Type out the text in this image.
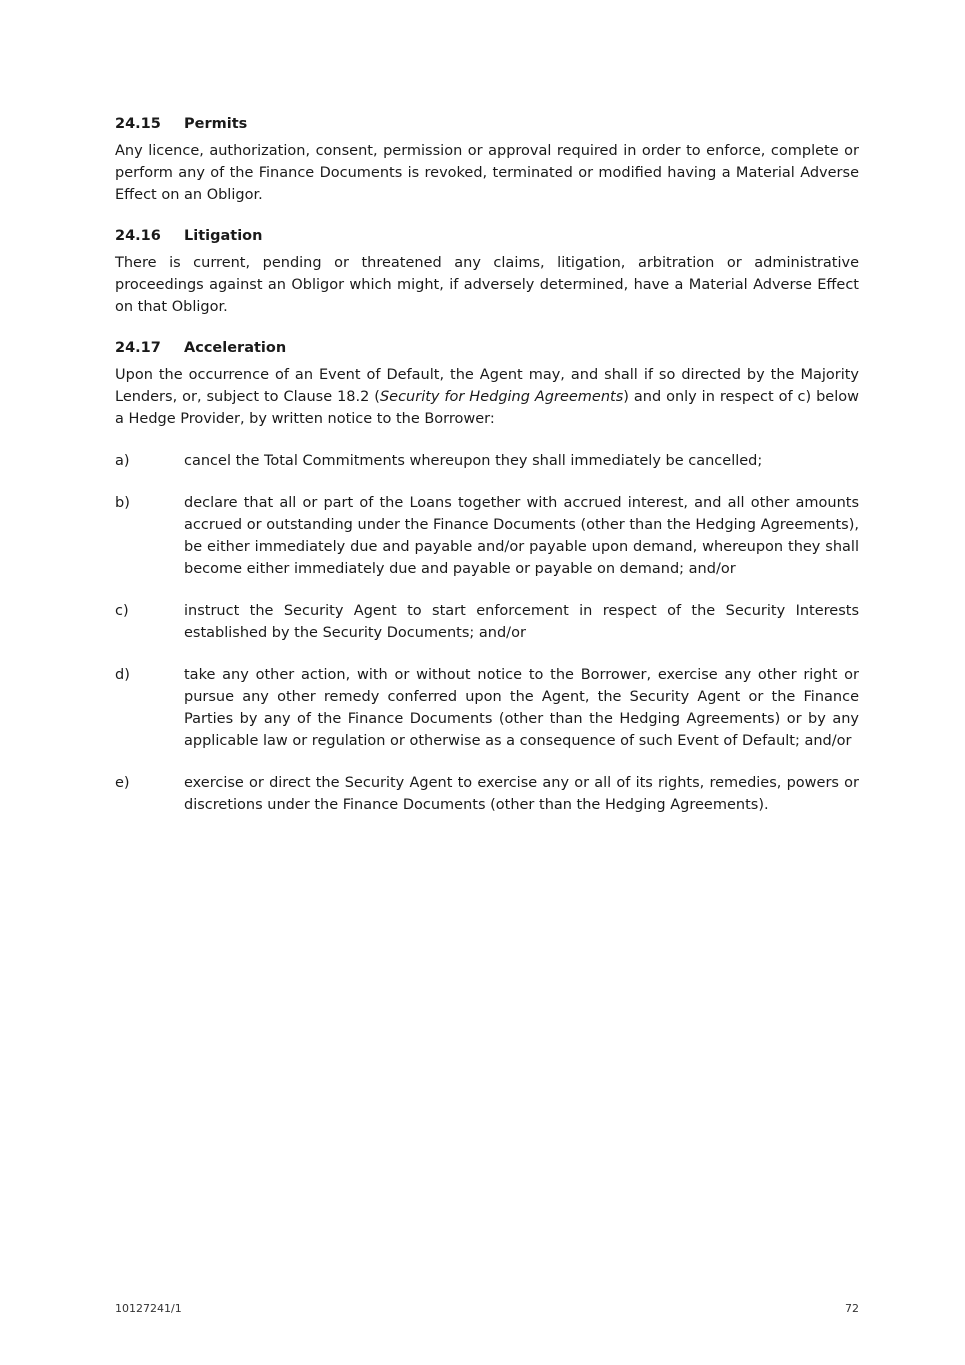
24.15	Permits

Any licence, authorization, consent, permission or approval required in order to enforce, complete or perform any of the Finance Documents is revoked, terminated or modified having a Material Adverse Effect on an Obligor.

24.16	Litigation

There is current, pending or threatened any claims, litigation, arbitration or administrative proceedings against an Obligor which might, if adversely determined, have a Material Adverse Effect on that Obligor.

24.17	Acceleration

Upon the occurrence of an Event of Default, the Agent may, and shall if so directed by the Majority Lenders, or, subject to Clause 18.2 (Security for Hedging Agreements) and only in respect of c) below a Hedge Provider, by written notice to the Borrower:

a)	cancel the Total Commitments whereupon they shall immediately be cancelled;
b)	declare that all or part of the Loans together with accrued interest, and all other amounts accrued or outstanding under the Finance Documents (other than the Hedging Agreements), be either immediately due and payable and/or payable upon demand, whereupon they shall become either immediately due and payable or payable on demand; and/or
c)	instruct the Security Agent to start enforcement in respect of the Security Interests established by the Security Documents; and/or
d)	take any other action, with or without notice to the Borrower, exercise any other right or pursue any other remedy conferred upon the Agent, the Security Agent or the Finance Parties by any of the Finance Documents (other than the Hedging Agreements) or by any applicable law or regulation or otherwise as a consequence of such Event of Default; and/or
e)	exercise or direct the Security Agent to exercise any or all of its rights, remedies, powers or discretions under the Finance Documents (other than the Hedging Agreements).
10127241/1	72
